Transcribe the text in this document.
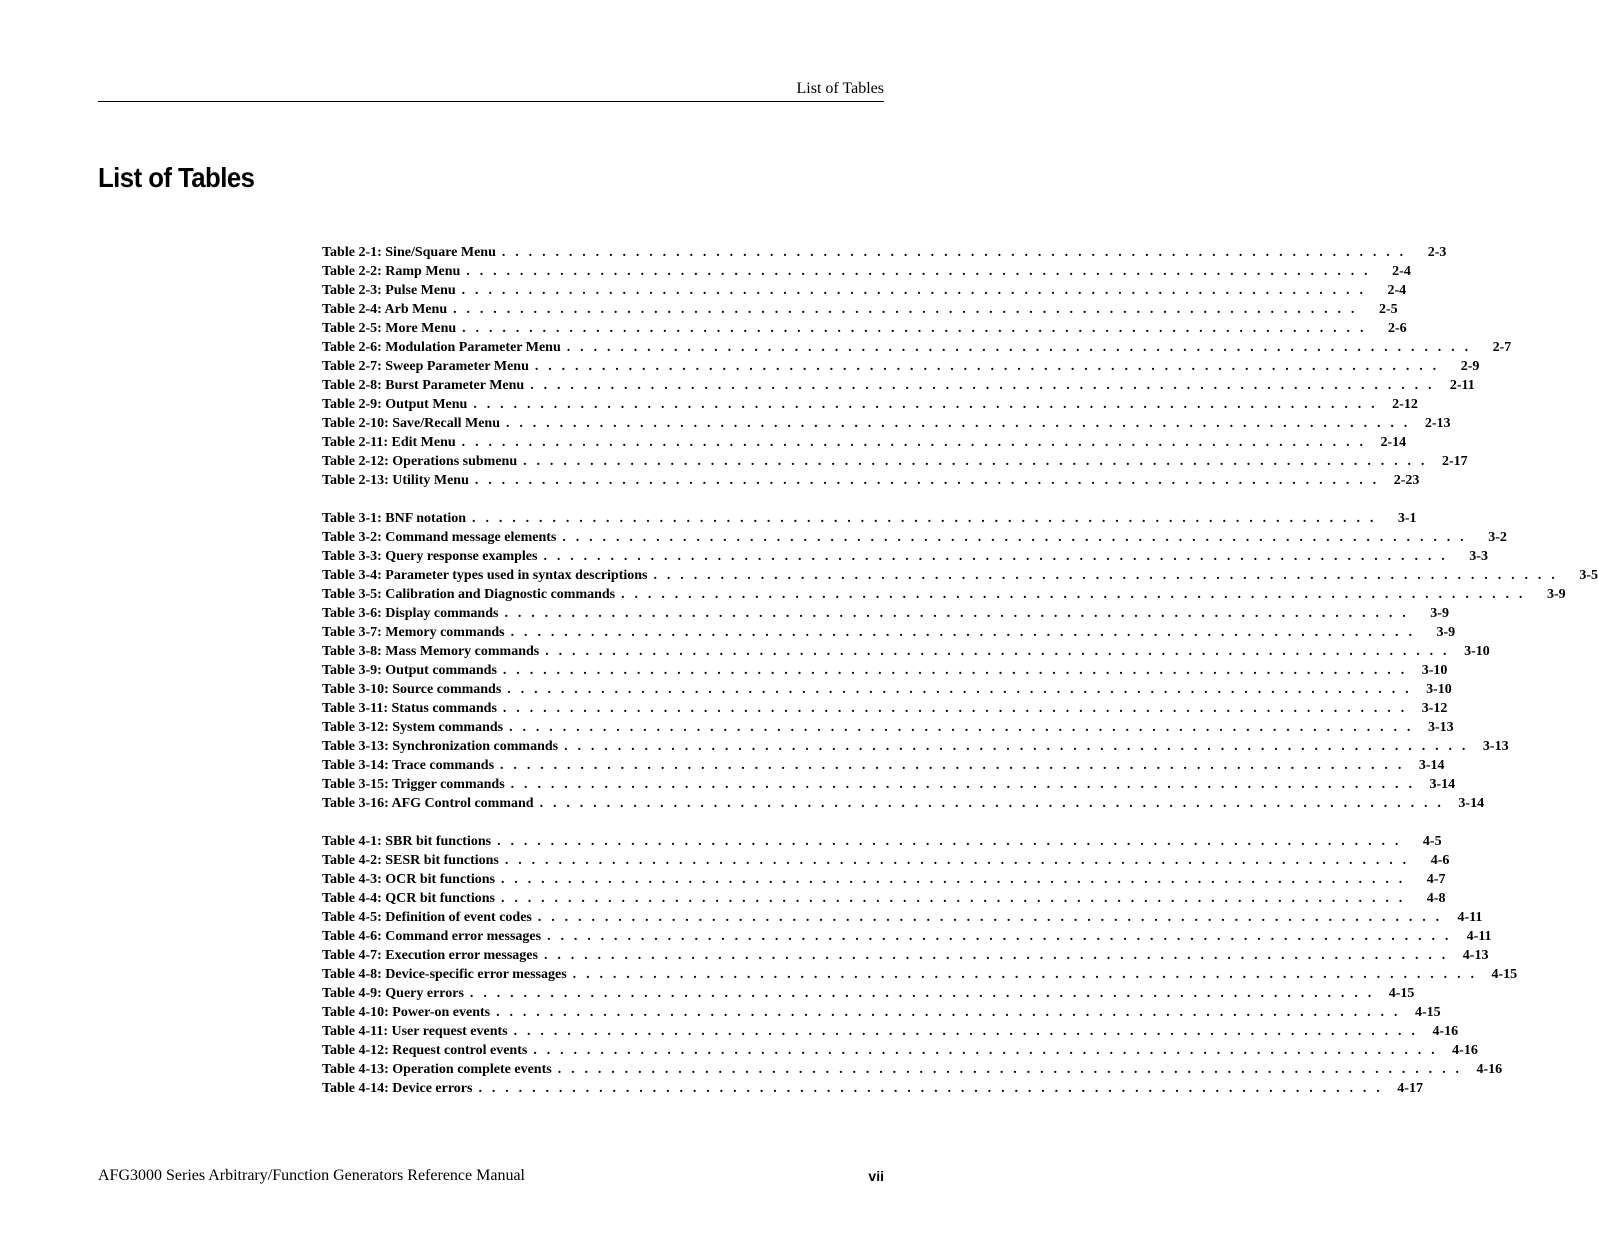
List of Tables
List of Tables
Table 2-1: Sine/Square Menu . . . . . . . . . . . . . . . . . . . . . . . . . . . . . . . . . . . . . . . . . . . . . . . . . . . . . . . . . . . . . . . . . . . .	2-3
Table 2-2: Ramp Menu . . . . . . . . . . . . . . . . . . . . . . . . . . . . . . . . . . . . . . . . . . . . . . . . . . . . . . . . . . . . . . . . . . . .	2-4
Table 2-3: Pulse Menu . . . . . . . . . . . . . . . . . . . . . . . . . . . . . . . . . . . . . . . . . . . . . . . . . . . . . . . . . . . . . . . . . . . .	2-4
Table 2-4: Arb Menu . . . . . . . . . . . . . . . . . . . . . . . . . . . . . . . . . . . . . . . . . . . . . . . . . . . . . . . . . . . . . . . . . . . .	2-5
Table 2-5: More Menu . . . . . . . . . . . . . . . . . . . . . . . . . . . . . . . . . . . . . . . . . . . . . . . . . . . . . . . . . . . . . . . . . . . .	2-6
Table 2-6: Modulation Parameter Menu . . . . . . . . . . . . . . . . . . . . . . . . . . . . . . . . . . . . . . . . . . . . . . . . . . . . . . . . . . . . . . . . . . . .	2-7
Table 2-7: Sweep Parameter Menu . . . . . . . . . . . . . . . . . . . . . . . . . . . . . . . . . . . . . . . . . . . . . . . . . . . . . . . . . . . . . . . . . . . .	2-9
Table 2-8: Burst Parameter Menu . . . . . . . . . . . . . . . . . . . . . . . . . . . . . . . . . . . . . . . . . . . . . . . . . . . . . . . . . . . . . . . . . . . .	2-11
Table 2-9: Output Menu . . . . . . . . . . . . . . . . . . . . . . . . . . . . . . . . . . . . . . . . . . . . . . . . . . . . . . . . . . . . . . . . . . . .	2-12
Table 2-10: Save/Recall Menu . . . . . . . . . . . . . . . . . . . . . . . . . . . . . . . . . . . . . . . . . . . . . . . . . . . . . . . . . . . . . . . . . . . .	2-13
Table 2-11: Edit Menu . . . . . . . . . . . . . . . . . . . . . . . . . . . . . . . . . . . . . . . . . . . . . . . . . . . . . . . . . . . . . . . . . . . .	2-14
Table 2-12: Operations submenu . . . . . . . . . . . . . . . . . . . . . . . . . . . . . . . . . . . . . . . . . . . . . . . . . . . . . . . . . . . . . . . . . . . .	2-17
Table 2-13: Utility Menu . . . . . . . . . . . . . . . . . . . . . . . . . . . . . . . . . . . . . . . . . . . . . . . . . . . . . . . . . . . . . . . . . . . .	2-23
Table 3-1: BNF notation . . . . . . . . . . . . . . . . . . . . . . . . . . . . . . . . . . . . . . . . . . . . . . . . . . . . . . . . . . . . . . . . . . . .	3-1
Table 3-2: Command message elements . . . . . . . . . . . . . . . . . . . . . . . . . . . . . . . . . . . . . . . . . . . . . . . . . . . . . . . . . . . . . . . . . . . .	3-2
Table 3-3: Query response examples . . . . . . . . . . . . . . . . . . . . . . . . . . . . . . . . . . . . . . . . . . . . . . . . . . . . . . . . . . . . . . . . . . . .	3-3
Table 3-4: Parameter types used in syntax descriptions . . . . . . . . . . . . . . . . . . . . . . . . . . . . . . . . . . . . . . . . . . . . . . . . . . . . . . . . . . . . . . . . . . . .	3-5
Table 3-5: Calibration and Diagnostic commands . . . . . . . . . . . . . . . . . . . . . . . . . . . . . . . . . . . . . . . . . . . . . . . . . . . . . . . . . . . . . . . . . . . .	3-9
Table 3-6: Display commands . . . . . . . . . . . . . . . . . . . . . . . . . . . . . . . . . . . . . . . . . . . . . . . . . . . . . . . . . . . . . . . . . . . .	3-9
Table 3-7: Memory commands . . . . . . . . . . . . . . . . . . . . . . . . . . . . . . . . . . . . . . . . . . . . . . . . . . . . . . . . . . . . . . . . . . . .	3-9
Table 3-8: Mass Memory commands . . . . . . . . . . . . . . . . . . . . . . . . . . . . . . . . . . . . . . . . . . . . . . . . . . . . . . . . . . . . . . . . . . . .	3-10
Table 3-9: Output commands . . . . . . . . . . . . . . . . . . . . . . . . . . . . . . . . . . . . . . . . . . . . . . . . . . . . . . . . . . . . . . . . . . . .	3-10
Table 3-10: Source commands . . . . . . . . . . . . . . . . . . . . . . . . . . . . . . . . . . . . . . . . . . . . . . . . . . . . . . . . . . . . . . . . . . . .	3-10
Table 3-11: Status commands . . . . . . . . . . . . . . . . . . . . . . . . . . . . . . . . . . . . . . . . . . . . . . . . . . . . . . . . . . . . . . . . . . . .	3-12
Table 3-12: System commands . . . . . . . . . . . . . . . . . . . . . . . . . . . . . . . . . . . . . . . . . . . . . . . . . . . . . . . . . . . . . . . . . . . .	3-13
Table 3-13: Synchronization commands . . . . . . . . . . . . . . . . . . . . . . . . . . . . . . . . . . . . . . . . . . . . . . . . . . . . . . . . . . . . . . . . . . . .	3-13
Table 3-14: Trace commands . . . . . . . . . . . . . . . . . . . . . . . . . . . . . . . . . . . . . . . . . . . . . . . . . . . . . . . . . . . . . . . . . . . .	3-14
Table 3-15: Trigger commands . . . . . . . . . . . . . . . . . . . . . . . . . . . . . . . . . . . . . . . . . . . . . . . . . . . . . . . . . . . . . . . . . . . .	3-14
Table 3-16: AFG Control command . . . . . . . . . . . . . . . . . . . . . . . . . . . . . . . . . . . . . . . . . . . . . . . . . . . . . . . . . . . . . . . . . . . .	3-14
Table 4-1: SBR bit functions . . . . . . . . . . . . . . . . . . . . . . . . . . . . . . . . . . . . . . . . . . . . . . . . . . . . . . . . . . . . . . . . . . . .	4-5
Table 4-2: SESR bit functions . . . . . . . . . . . . . . . . . . . . . . . . . . . . . . . . . . . . . . . . . . . . . . . . . . . . . . . . . . . . . . . . . . . .	4-6
Table 4-3: OCR bit functions . . . . . . . . . . . . . . . . . . . . . . . . . . . . . . . . . . . . . . . . . . . . . . . . . . . . . . . . . . . . . . . . . . . .	4-7
Table 4-4: QCR bit functions . . . . . . . . . . . . . . . . . . . . . . . . . . . . . . . . . . . . . . . . . . . . . . . . . . . . . . . . . . . . . . . . . . . .	4-8
Table 4-5: Definition of event codes . . . . . . . . . . . . . . . . . . . . . . . . . . . . . . . . . . . . . . . . . . . . . . . . . . . . . . . . . . . . . . . . . . . .	4-11
Table 4-6: Command error messages . . . . . . . . . . . . . . . . . . . . . . . . . . . . . . . . . . . . . . . . . . . . . . . . . . . . . . . . . . . . . . . . . . . .	4-11
Table 4-7: Execution error messages . . . . . . . . . . . . . . . . . . . . . . . . . . . . . . . . . . . . . . . . . . . . . . . . . . . . . . . . . . . . . . . . . . . .	4-13
Table 4-8: Device-specific error messages . . . . . . . . . . . . . . . . . . . . . . . . . . . . . . . . . . . . . . . . . . . . . . . . . . . . . . . . . . . . . . . . . . . .	4-15
Table 4-9: Query errors . . . . . . . . . . . . . . . . . . . . . . . . . . . . . . . . . . . . . . . . . . . . . . . . . . . . . . . . . . . . . . . . . . . .	4-15
Table 4-10: Power-on events . . . . . . . . . . . . . . . . . . . . . . . . . . . . . . . . . . . . . . . . . . . . . . . . . . . . . . . . . . . . . . . . . . . .	4-15
Table 4-11: User request events . . . . . . . . . . . . . . . . . . . . . . . . . . . . . . . . . . . . . . . . . . . . . . . . . . . . . . . . . . . . . . . . . . . .	4-16
Table 4-12: Request control events . . . . . . . . . . . . . . . . . . . . . . . . . . . . . . . . . . . . . . . . . . . . . . . . . . . . . . . . . . . . . . . . . . . .	4-16
Table 4-13: Operation complete events . . . . . . . . . . . . . . . . . . . . . . . . . . . . . . . . . . . . . . . . . . . . . . . . . . . . . . . . . . . . . . . . . . . .	4-16
Table 4-14: Device errors . . . . . . . . . . . . . . . . . . . . . . . . . . . . . . . . . . . . . . . . . . . . . . . . . . . . . . . . . . . . . . . . . . . .	4-17
AFG3000 Series Arbitrary/Function Generators Reference Manual	vii
